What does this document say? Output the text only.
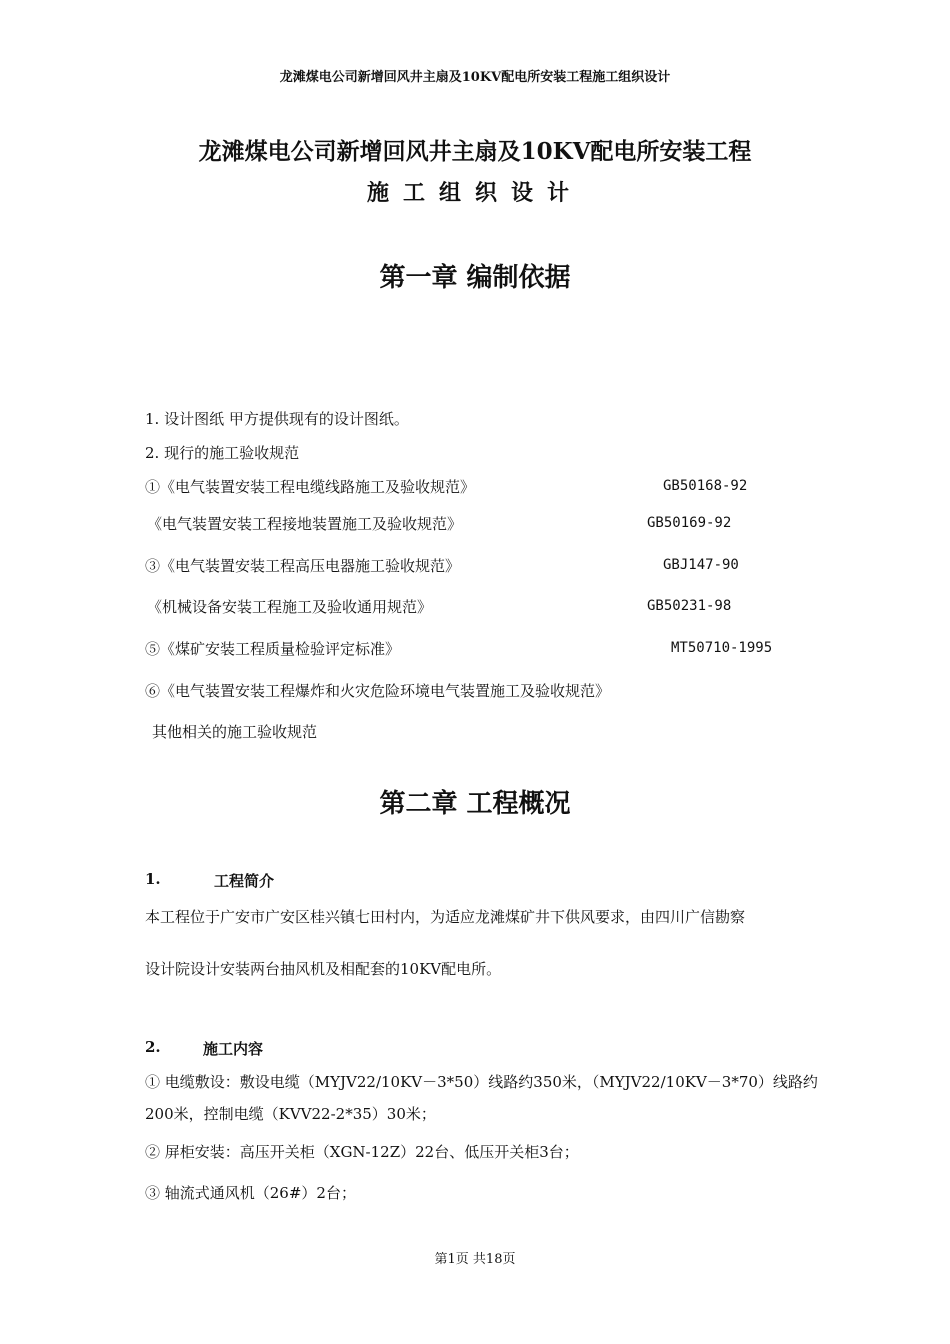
龙滩煤电公司新增回风井主扇及10KV配电所安装工程施工组织设计
龙滩煤电公司新增回风井主扇及10KV配电所安装工程
施工组织设计
第一章 编制依据
1. 设计图纸 甲方提供现有的设计图纸。
2. 现行的施工验收规范
①《电气装置安装工程电缆线路施工及验收规范》	GB50168-92
《电气装置安装工程接地装置施工及验收规范》	GB50169-92
③《电气装置安装工程高压电器施工验收规范》	GBJ147-90
《机械设备安装工程施工及验收通用规范》	GB50231-98
⑤《煤矿安装工程质量检验评定标准》	MT50710-1995
⑥《电气装置安装工程爆炸和火灾危险环境电气装置施工及验收规范》
其他相关的施工验收规范
第二章 工程概况
1.	工程简介
本工程位于广安市广安区桂兴镇七田村内，为适应龙滩煤矿井下供风要求，由四川广信勘察
设计院设计安装两台抽风机及相配套的10KV配电所。
2.	施工内容
① 电缆敷设：敷设电缆（MYJV22/10KV－3*50）线路约350米，（MYJV22/10KV－3*70）线路约
200米，控制电缆（KVV22-2*35）30米；
② 屏柜安装：高压开关柜（XGN-12Z）22台、低压开关柜3台；
③ 轴流式通风机（26#）2台；
第1页 共18页
